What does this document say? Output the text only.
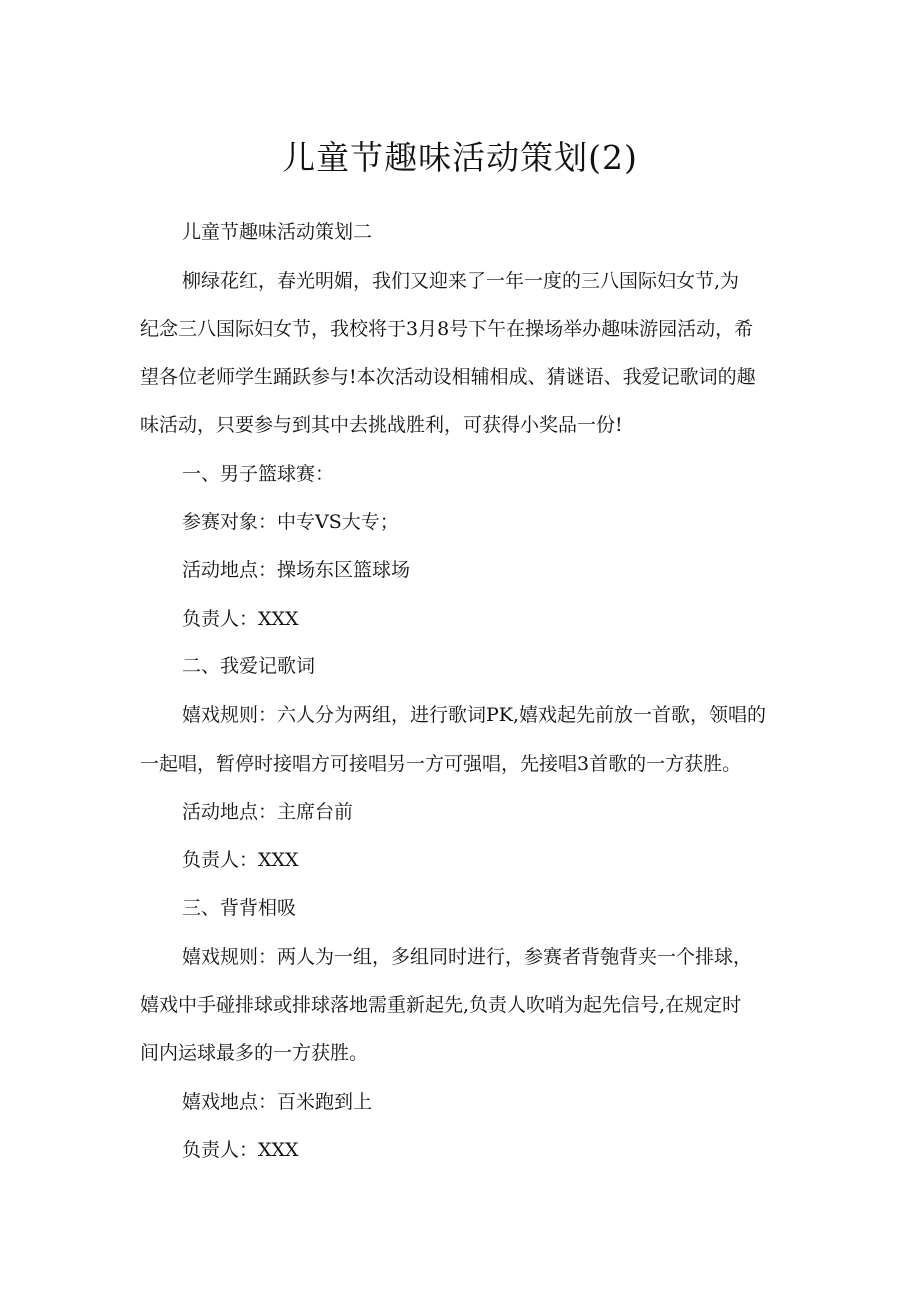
儿童节趣味活动策划(2)
儿童节趣味活动策划二
柳绿花红，春光明媚，我们又迎来了一年一度的三八国际妇女节,为
纪念三八国际妇女节，我校将于3月8号下午在操场举办趣味游园活动，希
望各位老师学生踊跃参与!本次活动设相辅相成、猜谜语、我爱记歌词的趣
味活动，只要参与到其中去挑战胜利，可获得小奖品一份!
一、男子篮球赛：
参赛对象：中专VS大专；
活动地点：操场东区篮球场
负责人：XXX
二、我爱记歌词
嬉戏规则：六人分为两组，进行歌词PK,嬉戏起先前放一首歌，领唱的
一起唱，暂停时接唱方可接唱另一方可强唱，先接唱3首歌的一方获胜。
活动地点：主席台前
负责人：XXX
三、背背相吸
嬉戏规则：两人为一组，多组同时进行，参赛者背匏背夹一个排球，
嬉戏中手碰排球或排球落地需重新起先,负责人吹哨为起先信号,在规定时
间内运球最多的一方获胜。
嬉戏地点：百米跑到上
负责人：XXX
